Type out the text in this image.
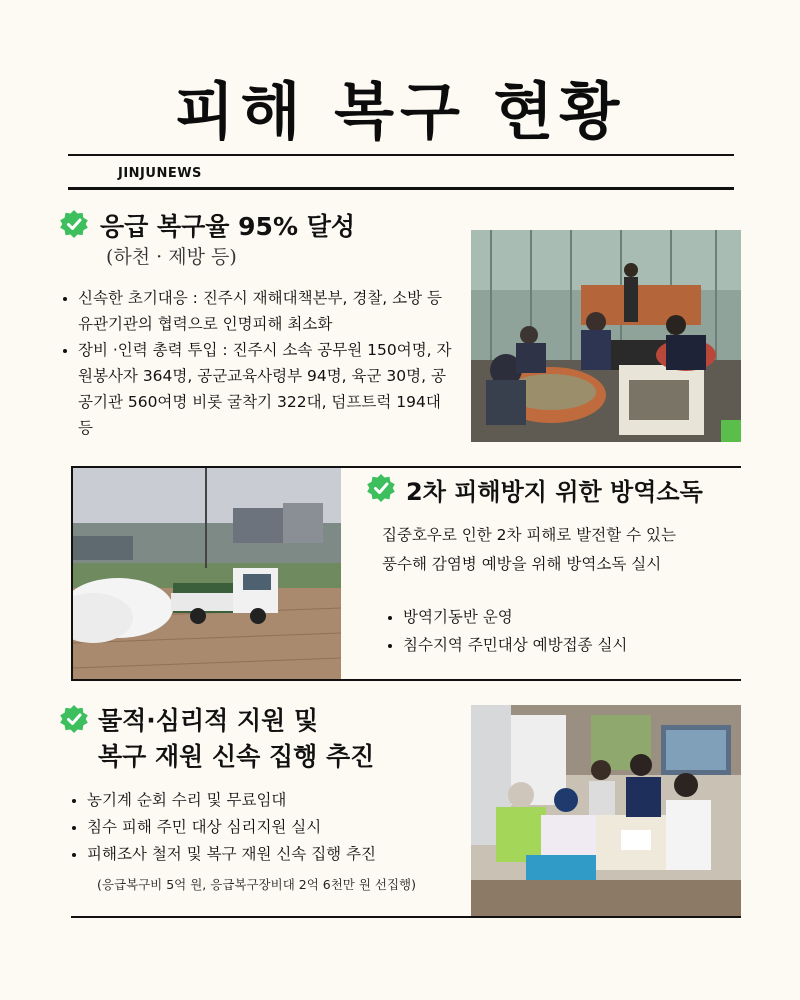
피해 복구 현황
JINJUNEWS
응급 복구율 95% 달성
(하천 · 제방 등)
• 신속한 초기대응 : 진주시 재해대책본부, 경찰, 소방 등 유관기관의 협력으로 인명피해 최소화
• 장비 ·인력 총력 투입 : 진주시 소속 공무원 150여명, 자원봉사자 364명, 공군교육사령부 94명, 육군 30명, 공공기관 560여명 비롯 굴착기 322대, 덤프트럭 194대 등
2차 피해방지 위한 방역소독
집중호우로 인한 2차 피해로 발전할 수 있는
풍수해 감염병 예방을 위해 방역소독 실시
• 방역기동반 운영
• 침수지역 주민대상 예방접종 실시
물적·심리적 지원 및
복구 재원 신속 집행 추진
• 농기계 순회 수리 및 무료임대
• 침수 피해 주민 대상 심리지원 실시
• 피해조사 철저 및 복구 재원 신속 집행 추진
(응급복구비 5억 원, 응급복구장비대 2억 6천만 원 선집행)
